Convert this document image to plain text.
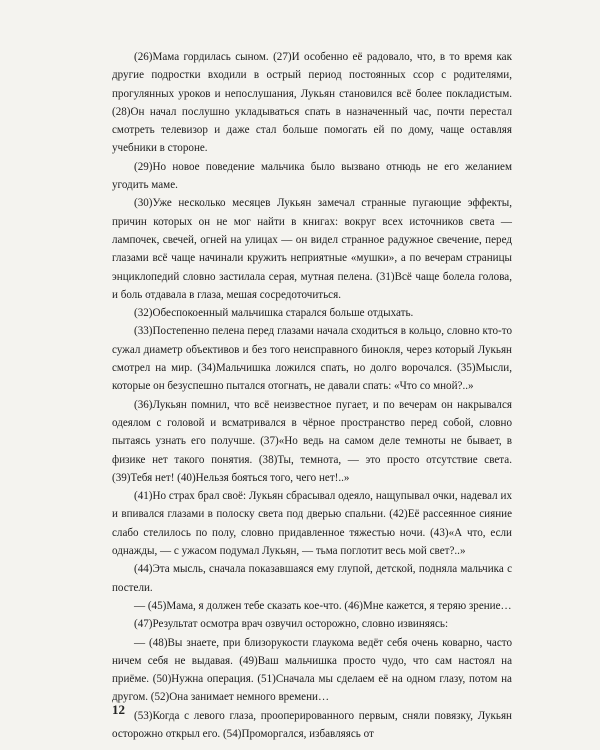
(26)Мама гордилась сыном. (27)И особенно её радовало, что, в то время как другие подростки входили в острый период постоянных ссор с родителями, прогулянных уроков и непослушания, Лукьян становился всё более покладистым. (28)Он начал послушно укладываться спать в назначенный час, почти перестал смотреть телевизор и даже стал больше помогать ей по дому, чаще оставляя учебники в стороне.

(29)Но новое поведение мальчика было вызвано отнюдь не его желанием угодить маме.

(30)Уже несколько месяцев Лукьян замечал странные пугающие эффекты, причин которых он не мог найти в книгах: вокруг всех источников света — лампочек, свечей, огней на улицах — он видел странное радужное свечение, перед глазами всё чаще начинали кружить неприятные «мушки», а по вечерам страницы энциклопедий словно застилала серая, мутная пелена. (31)Всё чаще болела голова, и боль отдавала в глаза, мешая сосредоточиться.

(32)Обеспокоенный мальчишка старался больше отдыхать.

(33)Постепенно пелена перед глазами начала сходиться в кольцо, словно кто-то сужал диаметр объективов и без того неисправного бинокля, через который Лукьян смотрел на мир. (34)Мальчишка ложился спать, но долго ворочался. (35)Мысли, которые он безуспешно пытался отогнать, не давали спать: «Что со мной?..»

(36)Лукьян помнил, что всё неизвестное пугает, и по вечерам он накрывался одеялом с головой и всматривался в чёрное пространство перед собой, словно пытаясь узнать его получше. (37)«Но ведь на самом деле темноты не бывает, в физике нет такого понятия. (38)Ты, темнота, — это просто отсутствие света. (39)Тебя нет! (40)Нельзя бояться того, чего нет!..»

(41)Но страх брал своё: Лукьян сбрасывал одеяло, нащупывал очки, надевал их и впивался глазами в полоску света под дверью спальни. (42)Её рассеянное сияние слабо стелилось по полу, словно придавленное тяжестью ночи. (43)«А что, если однажды, — с ужасом подумал Лукьян, — тьма поглотит весь мой свет?..»

(44)Эта мысль, сначала показавшаяся ему глупой, детской, подняла мальчика с постели.

— (45)Мама, я должен тебе сказать кое-что. (46)Мне кажется, я теряю зрение…

(47)Результат осмотра врач озвучил осторожно, словно извиняясь:

— (48)Вы знаете, при близорукости глаукома ведёт себя очень коварно, часто ничем себя не выдавая. (49)Ваш мальчишка просто чудо, что сам настоял на приёме. (50)Нужна операция. (51)Сначала мы сделаем её на одном глазу, потом на другом. (52)Она занимает немного времени…

(53)Когда с левого глаза, прооперированного первым, сняли повязку, Лукьян осторожно открыл его. (54)Проморгался, избавляясь от

12
